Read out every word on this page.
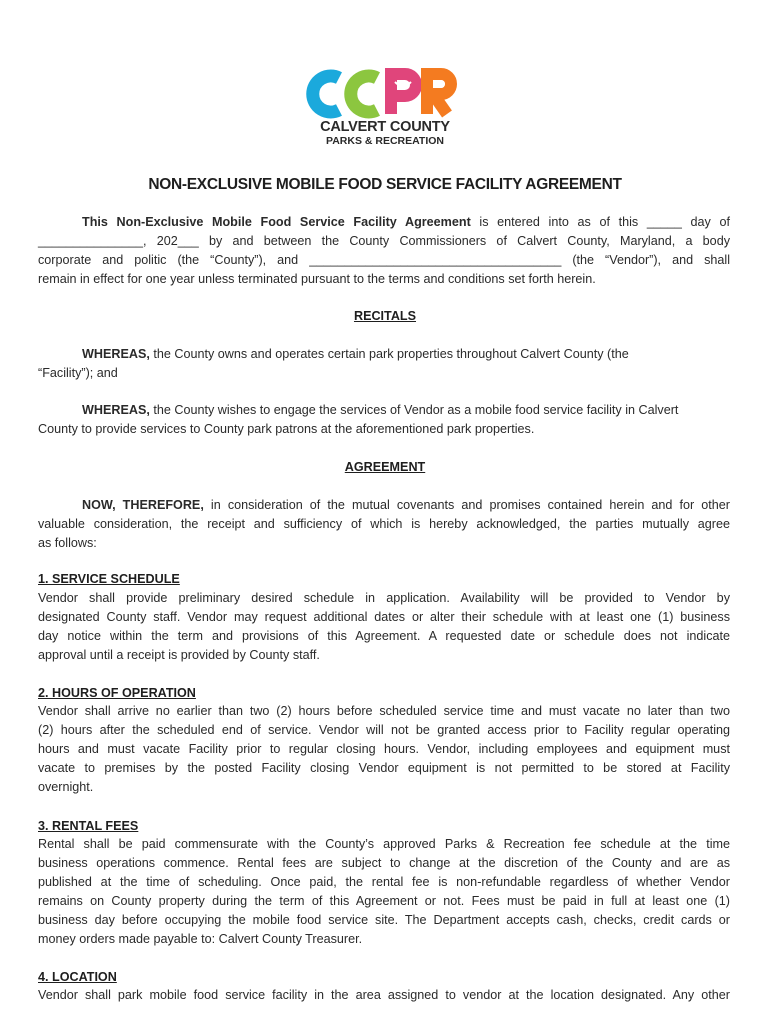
CALVERT COUNTY
PARKS & RECREATION
NON-EXCLUSIVE MOBILE FOOD SERVICE FACILITY AGREEMENT
This Non-Exclusive Mobile Food Service Facility Agreement is entered into as of this _____ day of
_______________, 202___ by and between the County Commissioners of Calvert County, Maryland, a body
corporate and politic (the “County”), and ____________________________________ (the “Vendor”), and shall
remain in effect for one year unless terminated pursuant to the terms and conditions set forth herein.
RECITALS
WHEREAS, the County owns and operates certain park properties throughout Calvert County (the
“Facility”); and
WHEREAS, the County wishes to engage the services of Vendor as a mobile food service facility in Calvert
County to provide services to County park patrons at the aforementioned park properties.
AGREEMENT
NOW, THEREFORE, in consideration of the mutual covenants and promises contained herein and for other
valuable consideration, the receipt and sufficiency of which is hereby acknowledged, the parties mutually agree
as follows:
1. SERVICE SCHEDULE
Vendor shall provide preliminary desired schedule in application. Availability will be provided to Vendor by
designated County staff. Vendor may request additional dates or alter their schedule with at least one (1) business
day notice within the term and provisions of this Agreement. A requested date or schedule does not indicate
approval until a receipt is provided by County staff.
2. HOURS OF OPERATION
Vendor shall arrive no earlier than two (2) hours before scheduled service time and must vacate no later than two
(2) hours after the scheduled end of service. Vendor will not be granted access prior to Facility regular operating
hours and must vacate Facility prior to regular closing hours. Vendor, including employees and equipment must
vacate to premises by the posted Facility closing Vendor equipment is not permitted to be stored at Facility
overnight.
3. RENTAL FEES
Rental shall be paid commensurate with the County’s approved Parks & Recreation fee schedule at the time
business operations commence. Rental fees are subject to change at the discretion of the County and are as
published at the time of scheduling. Once paid, the rental fee is non-refundable regardless of whether Vendor
remains on County property during the term of this Agreement or not. Fees must be paid in full at least one (1)
business day before occupying the mobile food service site. The Department accepts cash, checks, credit cards or
money orders made payable to: Calvert County Treasurer.
4. LOCATION
Vendor shall park mobile food service facility in the area assigned to vendor at the location designated. Any other
